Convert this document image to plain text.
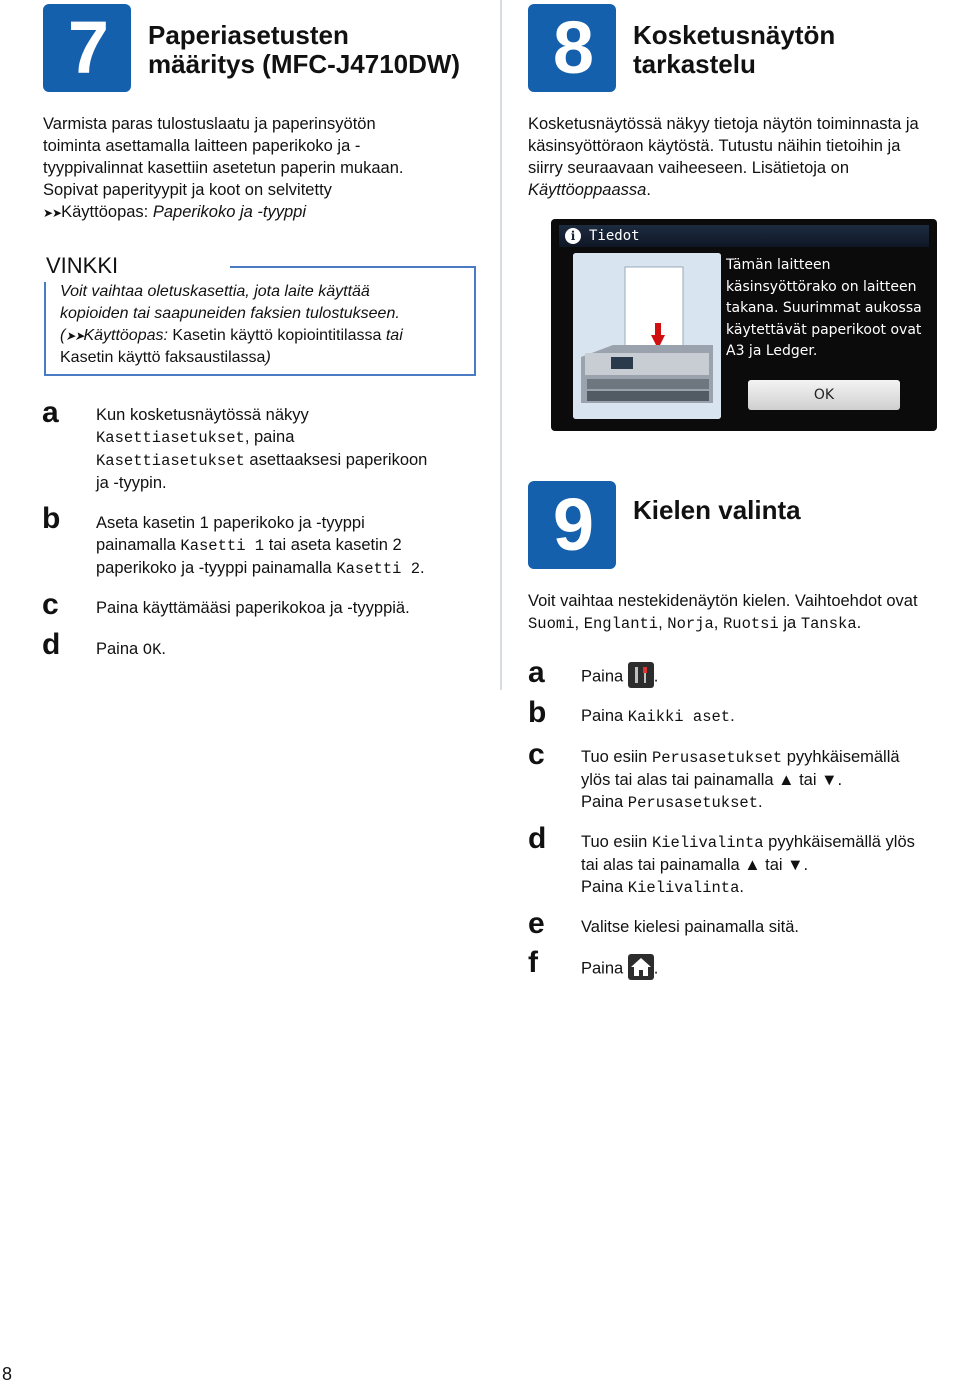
7	Paperiasetusten
määritys (MFC-J4710DW)
Varmista paras tulostuslaatu ja paperinsyötön
toiminta asettamalla laitteen paperikoko ja -
tyyppivalinnat kasettiin asetetun paperin mukaan.
Sopivat paperityypit ja koot on selvitetty
➤➤Käyttöopas: Paperikoko ja -tyyppi
VINKKI
Voit vaihtaa oletuskasettia, jota laite käyttää
kopioiden tai saapuneiden faksien tulostukseen.
(➤➤Käyttöopas: Kasetin käyttö kopiointitilassa tai
Kasetin käyttö faksaustilassa)
a Kun kosketusnäytössä näkyy
Kasettiasetukset, paina
Kasettiasetukset asettaaksesi paperikoon
ja -tyypin.
b Aseta kasetin 1 paperikoko ja -tyyppi
painamalla Kasetti 1 tai aseta kasetin 2
paperikoko ja -tyyppi painamalla Kasetti 2.
c Paina käyttämääsi paperikokoa ja -tyyppiä.
d Paina OK.
8	Kosketusnäytön
tarkastelu
Kosketusnäytössä näkyy tietoja näytön toiminnasta ja
käsinsyöttöraon käytöstä. Tutustu näihin tietoihin ja
siirry seuraavaan vaiheeseen. Lisätietoja on
Käyttöoppaassa.
i Tiedot
Tämän laitteen
käsinsyöttörako on laitteen
takana. Suurimmat aukossa
käytettävät paperikoot ovat
A3 ja Ledger.
OK
9	Kielen valinta
Voit vaihtaa nestekidenäytön kielen. Vaihtoehdot ovat
Suomi, Englanti, Norja, Ruotsi ja Tanska.
a Paina .
b Paina Kaikki aset.
c Tuo esiin Perusasetukset pyyhkäisemällä
ylös tai alas tai painamalla ▲ tai ▼.
Paina Perusasetukset.
d Tuo esiin Kielivalinta pyyhkäisemällä ylös
tai alas tai painamalla ▲ tai ▼.
Paina Kielivalinta.
e Valitse kielesi painamalla sitä.
f	Paina .
8
